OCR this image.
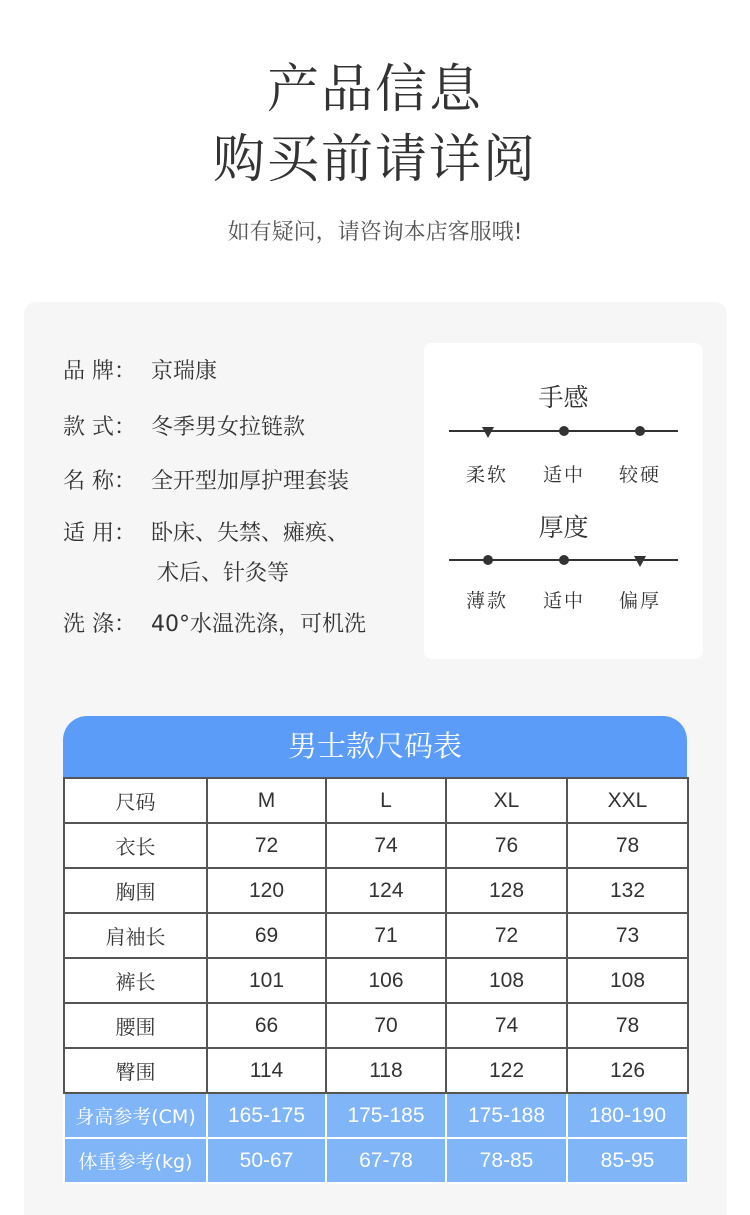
产品信息
购买前请详阅
如有疑问，请咨询本店客服哦!
品 牌： 京瑞康
款 式： 冬季男女拉链款
名 称： 全开型加厚护理套装
适 用： 卧床、失禁、瘫痪、
术后、针灸等
洗 涤： 40°水温洗涤，可机洗
手感
柔软	适中	较硬
厚度
薄款	适中	偏厚
男士款尺码表
尺码	M	L	XL	XXL
衣长	72	74	76	78
胸围	120	124	128	132
肩袖长	69	71	72	73
裤长	101	106	108	108
腰围	66	70	74	78
臀围	114	118	122	126
身高参考(CM)	165-175	175-185	175-188	180-190
体重参考(kg)	50-67	67-78	78-85	85-95
